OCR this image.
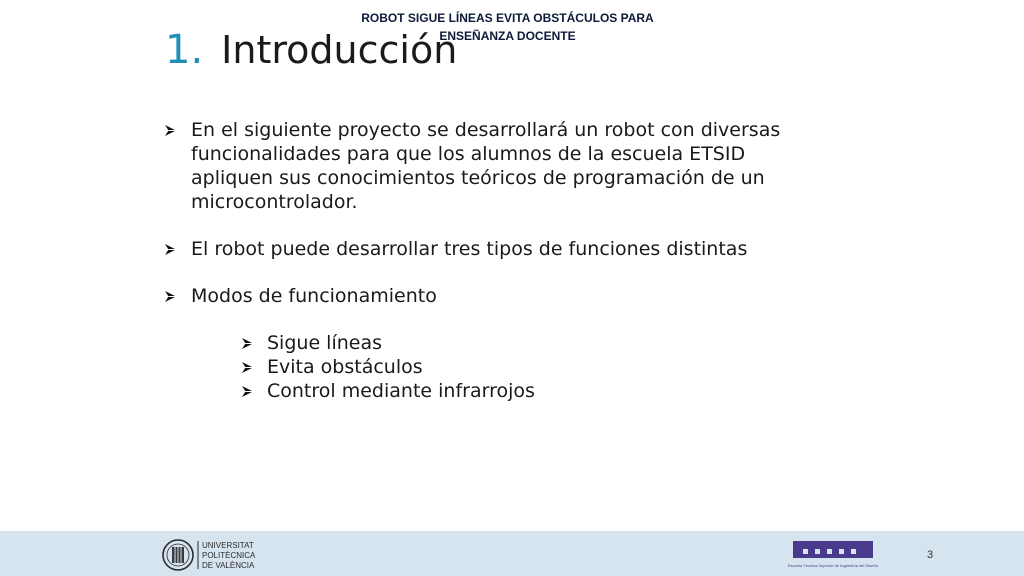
1. Introducción
En el siguiente proyecto se desarrollará un robot con diversas funcionalidades para que los alumnos de la escuela ETSID apliquen sus conocimientos teóricos de programación de un microcontrolador.
El robot puede desarrollar tres tipos de funciones distintas
Modos de funcionamiento
Sigue líneas
Evita obstáculos
Control mediante infrarrojos
UNIVERSITAT
POLITÈCNICA
DE VALÈNCIA
ROBOT SIGUE LÍNEAS EVITA OBSTÁCULOS PARA
ENSEÑANZA DOCENTE
Escuela Técnica Superior de Ingeniería del Diseño
3
